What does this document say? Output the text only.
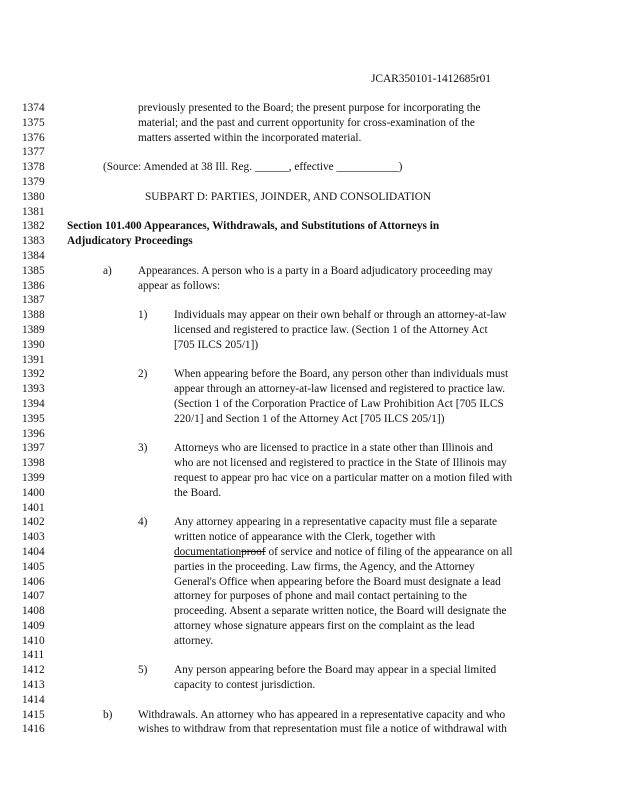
JCAR350101-1412685r01
1374	previously presented to the Board; the present purpose for incorporating the
1375	material; and the past and current opportunity for cross-examination of the
1376	matters asserted within the incorporated material.
1377
1378	(Source: Amended at 38 Ill. Reg. ______, effective ___________)
1379
1380	SUBPART D: PARTIES, JOINDER, AND CONSOLIDATION
1381
1382	Section 101.400 Appearances, Withdrawals, and Substitutions of Attorneys in
1383	Adjudicatory Proceedings
1384
1385	a) Appearances. A person who is a party in a Board adjudicatory proceeding may
1386	appear as follows:
1387
1388	1) Individuals may appear on their own behalf or through an attorney-at-law
1389	licensed and registered to practice law. (Section 1 of the Attorney Act
1390	[705 ILCS 205/1])
1391
1392	2) When appearing before the Board, any person other than individuals must
1393	appear through an attorney-at-law licensed and registered to practice law.
1394	(Section 1 of the Corporation Practice of Law Prohibition Act [705 ILCS
1395	220/1] and Section 1 of the Attorney Act [705 ILCS 205/1])
1396
1397	3) Attorneys who are licensed to practice in a state other than Illinois and
1398	who are not licensed and registered to practice in the State of Illinois may
1399	request to appear pro hac vice on a particular matter on a motion filed with
1400	the Board.
1401
1402	4) Any attorney appearing in a representative capacity must file a separate
1403	written notice of appearance with the Clerk, together with
1404	documentationproof of service and notice of filing of the appearance on all
1405	parties in the proceeding. Law firms, the Agency, and the Attorney
1406	General's Office when appearing before the Board must designate a lead
1407	attorney for purposes of phone and mail contact pertaining to the
1408	proceeding. Absent a separate written notice, the Board will designate the
1409	attorney whose signature appears first on the complaint as the lead
1410	attorney.
1411
1412	5) Any person appearing before the Board may appear in a special limited
1413	capacity to contest jurisdiction.
1414
1415	b) Withdrawals. An attorney who has appeared in a representative capacity and who
1416	wishes to withdraw from that representation must file a notice of withdrawal with
